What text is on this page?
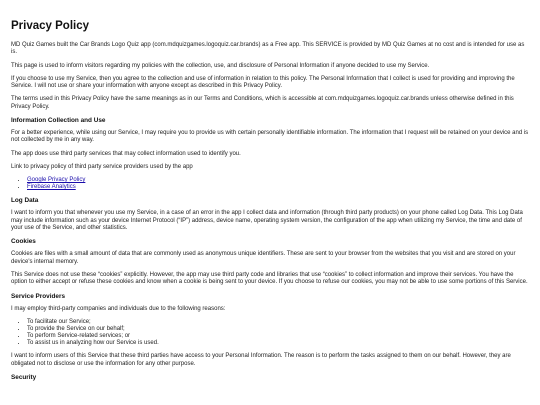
Privacy Policy

MD Quiz Games built the Car Brands Logo Quiz app (com.mdquizgames.logoquiz.car.brands) as a Free app. This SERVICE is provided by MD Quiz Games at no cost and is intended for use as is.

This page is used to inform visitors regarding my policies with the collection, use, and disclosure of Personal Information if anyone decided to use my Service.

If you choose to use my Service, then you agree to the collection and use of information in relation to this policy. The Personal Information that I collect is used for providing and improving the Service. I will not use or share your information with anyone except as described in this Privacy Policy.

The terms used in this Privacy Policy have the same meanings as in our Terms and Conditions, which is accessible at com.mdquizgames.logoquiz.car.brands unless otherwise defined in this Privacy Policy.

Information Collection and Use

For a better experience, while using our Service, I may require you to provide us with certain personally identifiable information. The information that I request will be retained on your device and is not collected by me in any way.

The app does use third party services that may collect information used to identify you.

Link to privacy policy of third party service providers used by the app

• Google Privacy Policy
• Firebase Analytics
Log Data

I want to inform you that whenever you use my Service, in a case of an error in the app I collect data and information (through third party products) on your phone called Log Data. This Log Data may include information such as your device Internet Protocol (“IP”) address, device name, operating system version, the configuration of the app when utilizing my Service, the time and date of your use of the Service, and other statistics.

Cookies

Cookies are files with a small amount of data that are commonly used as anonymous unique identifiers. These are sent to your browser from the websites that you visit and are stored on your device's internal memory.

This Service does not use these “cookies” explicitly. However, the app may use third party code and libraries that use “cookies” to collect information and improve their services. You have the option to either accept or refuse these cookies and know when a cookie is being sent to your device. If you choose to refuse our cookies, you may not be able to use some portions of this Service.

Service Providers

I may employ third-party companies and individuals due to the following reasons:

• To facilitate our Service;
• To provide the Service on our behalf;
• To perform Service-related services; or
• To assist us in analyzing how our Service is used.

I want to inform users of this Service that these third parties have access to your Personal Information. The reason is to perform the tasks assigned to them on our behalf. However, they are obligated not to disclose or use the information for any other purpose.

Security
